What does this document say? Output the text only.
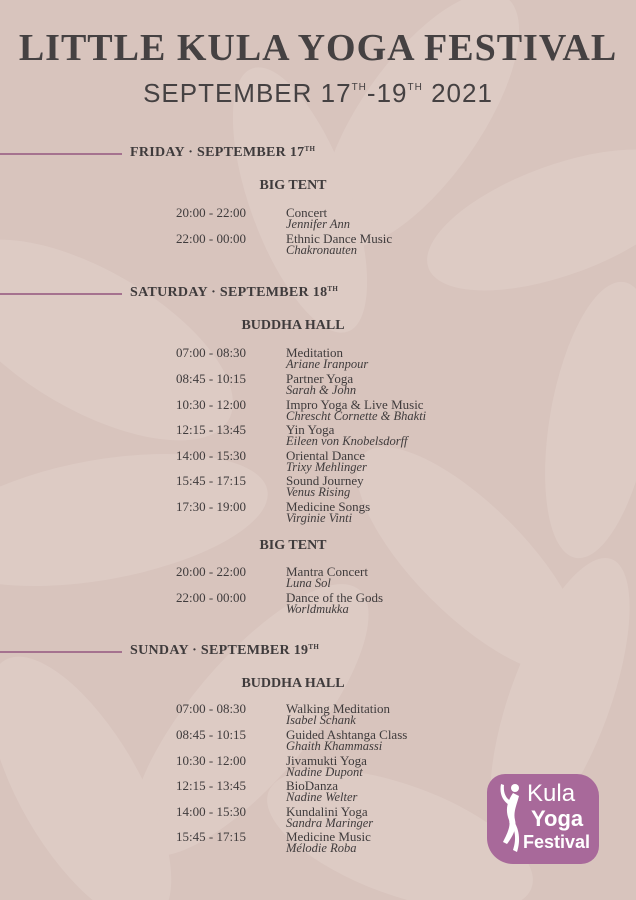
LITTLE KULA YOGA FESTIVAL
SEPTEMBER 17TH-19TH 2021
FRIDAY · SEPTEMBER 17TH
BIG TENT
20:00 - 22:00	Concert
Jennifer Ann
22:00 - 00:00	Ethnic Dance Music
Chakronauten
SATURDAY · SEPTEMBER 18TH
BUDDHA HALL
07:00 - 08:30	Meditation
Ariane Iranpour
08:45 - 10:15	Partner Yoga
Sarah & John
10:30 - 12:00	Impro Yoga & Live Music
Chrescht Cornette & Bhakti
12:15 - 13:45	Yin Yoga
Eileen von Knobelsdorff
14:00 - 15:30	Oriental Dance
Trixy Mehlinger
15:45 - 17:15	Sound Journey
Venus Rising
17:30 - 19:00	Medicine Songs
Virginie Vinti
BIG TENT
20:00 - 22:00	Mantra Concert
Luna Sol
22:00 - 00:00	Dance of the Gods
Worldmukka
SUNDAY · SEPTEMBER 19TH
BUDDHA HALL
07:00 - 08:30	Walking Meditation
Isabel Schank
08:45 - 10:15	Guided Ashtanga Class
Ghaith Khammassi
10:30 - 12:00	Jivamukti Yoga
Nadine Dupont
12:15 - 13:45	BioDanza
Nadine Welter
14:00 - 15:30	Kundalini Yoga
Sandra Maringer
15:45 - 17:15	Medicine Music
Mélodie Roba
Kula
Yoga
Festival
